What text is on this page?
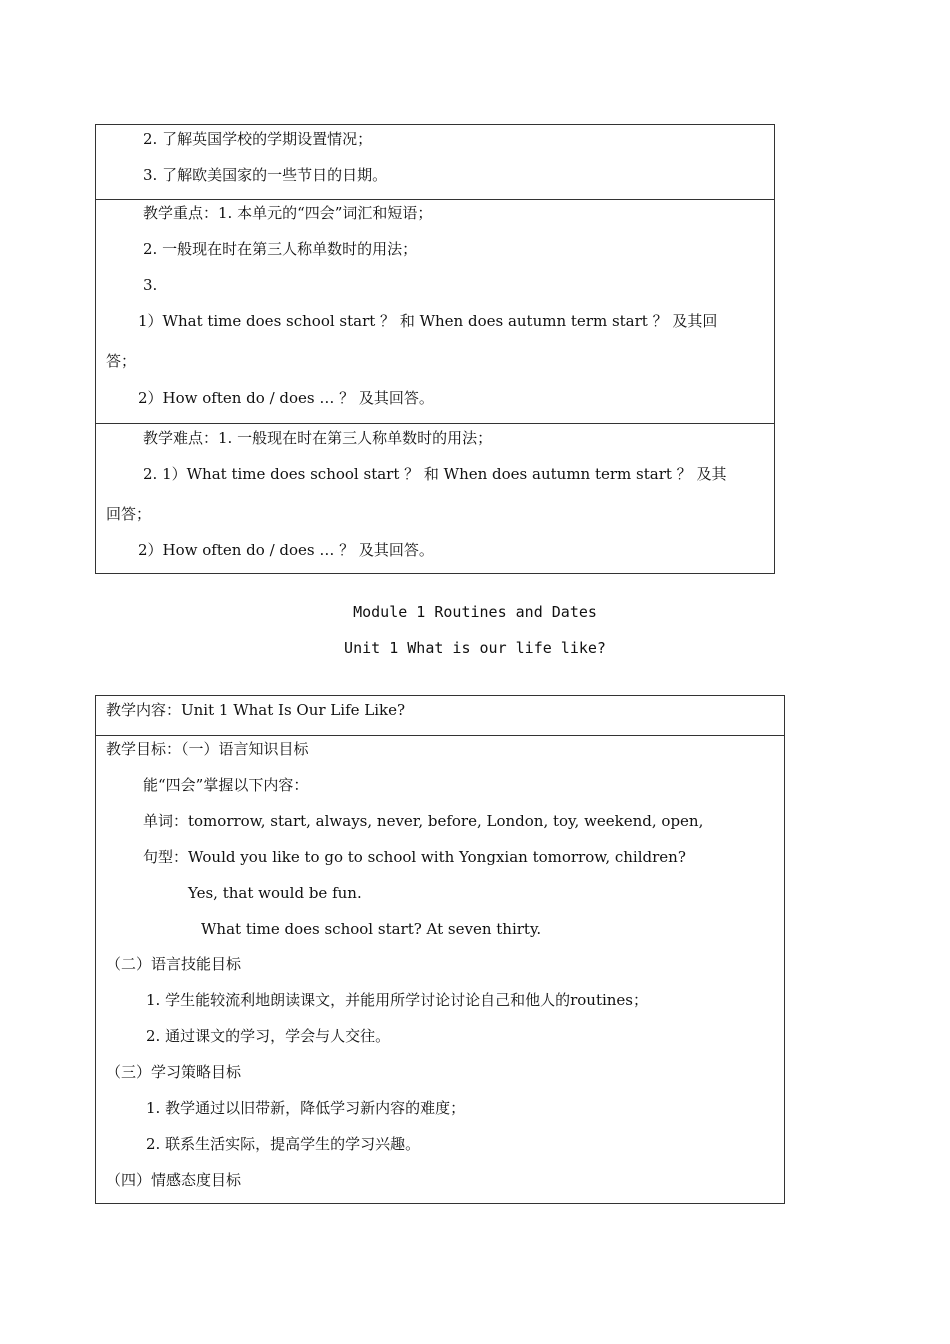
2. 了解英国学校的学期设置情况；
3. 了解欧美国家的一些节日的日期。
教学重点：1. 本单元的“四会”词汇和短语；
2. 一般现在时在第三人称单数时的用法；
3.
1）What time does school start ？ 和 When does autumn term start ？ 及其回
答；
2）How often do / does … ？ 及其回答。
教学难点：1. 一般现在时在第三人称单数时的用法；
2. 1）What time does school start ？ 和 When does autumn term start ？ 及其
回答；
2）How often do / does … ？ 及其回答。
Module 1 Routines and Dates
Unit 1 What is our life like?
教学内容：Unit 1 What Is Our Life Like?
教学目标：（一）语言知识目标
能“四会”掌握以下内容：
单词：tomorrow, start, always, never, before, London, toy, weekend, open,
句型：Would you like to go to school with Yongxian tomorrow, children?
Yes, that would be fun.
What time does school start? At seven thirty.
（二）语言技能目标
1. 学生能较流利地朗读课文，并能用所学讨论讨论自己和他人的routines；
2. 通过课文的学习，学会与人交往。
（三）学习策略目标
1. 教学通过以旧带新，降低学习新内容的难度；
2. 联系生活实际，提高学生的学习兴趣。
（四）情感态度目标
